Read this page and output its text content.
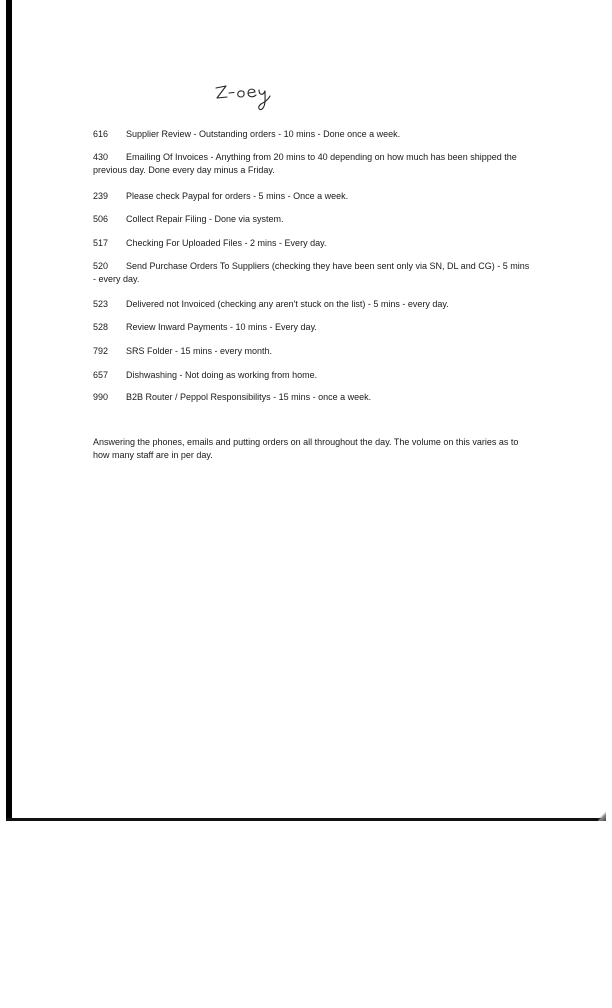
616 Supplier Review - Outstanding orders - 10 mins - Done once a week.

430 Emailing Of Invoices - Anything from 20 mins to 40 depending on how much has been shipped the previous day. Done every day minus a Friday.

239 Please check Paypal for orders - 5 mins - Once a week.

506 Collect Repair Filing - Done via system.

517 Checking For Uploaded Files - 2 mins - Every day.

520 Send Purchase Orders To Suppliers (checking they have been sent only via SN, DL and CG) - 5 mins - every day.

523 Delivered not Invoiced (checking any aren't stuck on the list) - 5 mins - every day.

528 Review Inward Payments - 10 mins - Every day.

792 SRS Folder - 15 mins - every month.

657 Dishwashing - Not doing as working from home.

990 B2B Router / Peppol Responsibilitys - 15 mins - once a week.

Answering the phones, emails and putting orders on all throughout the day. The volume on this varies as to how many staff are in per day.
